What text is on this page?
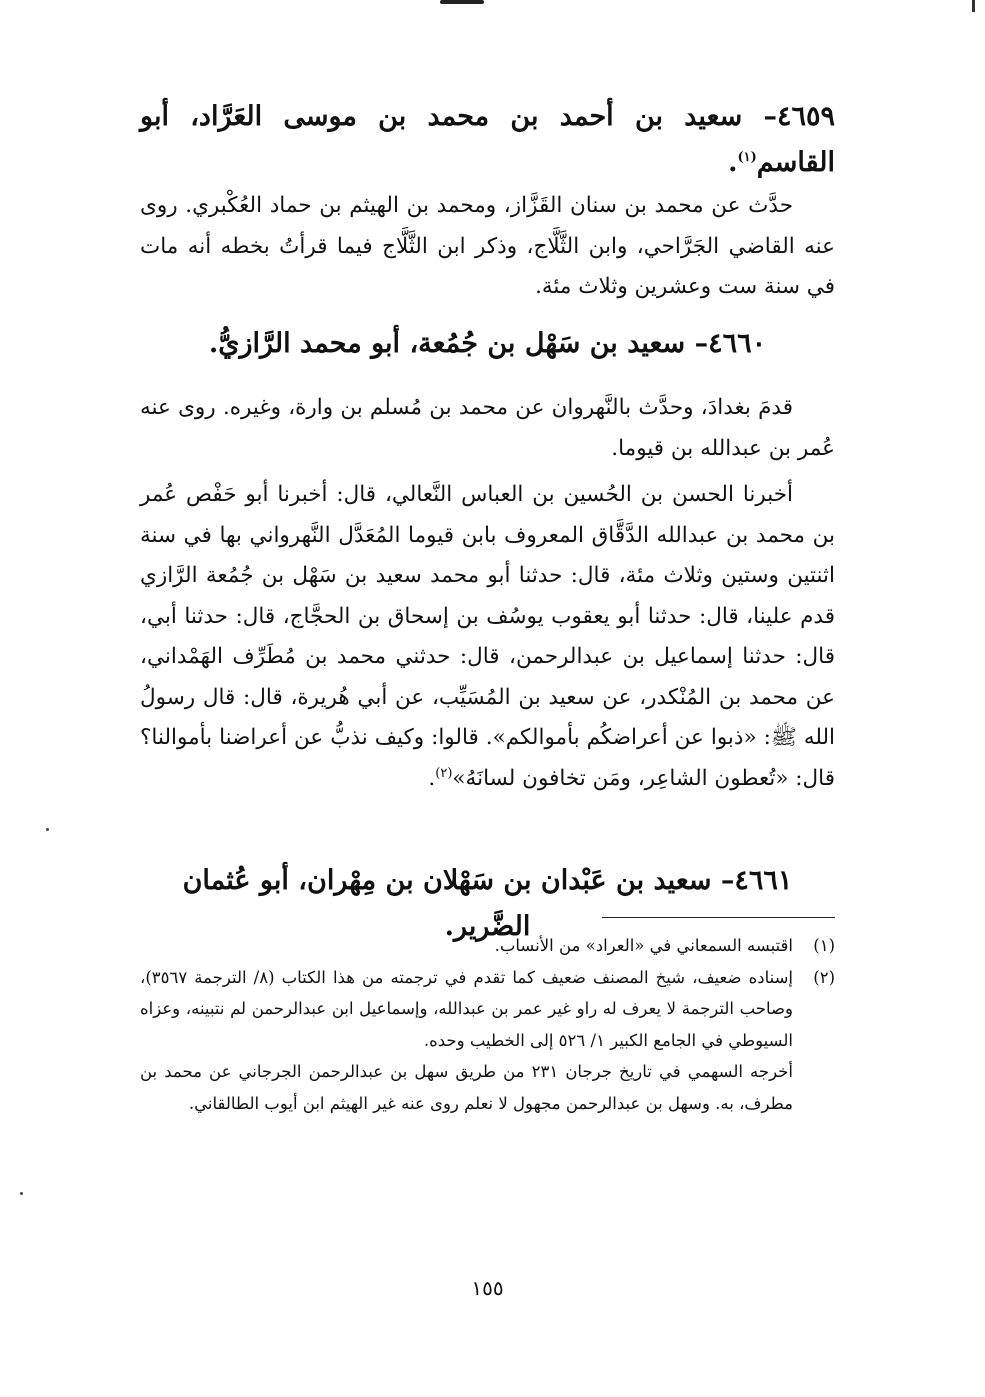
٤٦٥٩– سعيد بن أحمد بن محمد بن موسى العَرَّاد، أبو القاسم$^{(١)}$.

حدَّث عن محمد بن سنان القَزَّاز، ومحمد بن الهيثم بن حماد العُكْبري. روى عنه القاضي الجَرَّاحي، وابن الثَّلَّاج، وذكر ابن الثَّلَّاج فيما قرأتُ بخطه أنه مات في سنة ست وعشرين وثلاث مئة.

٤٦٦٠– سعيد بن سَهْل بن جُمُعة، أبو محمد الرَّازيُّ.

قدمَ بغدادَ، وحدَّث بالنَّهروان عن محمد بن مُسلم بن وارة، وغيره. روى عنه عُمر بن عبدالله بن قيوما.

أخبرنا الحسن بن الحُسين بن العباس النَّعالي، قال: أخبرنا أبو حَفْص عُمر بن محمد بن عبدالله الدَّقَّاق المعروف بابن قيوما المُعَدَّل النَّهرواني بها في سنة اثنتين وستين وثلاث مئة، قال: حدثنا أبو محمد سعيد بن سَهْل بن جُمُعة الرَّازي قدم علينا، قال: حدثنا أبو يعقوب يوسُف بن إسحاق بن الحجَّاج، قال: حدثنا أبي، قال: حدثنا إسماعيل بن عبدالرحمن، قال: حدثني محمد بن مُطَرِّف الهَمْداني، عن محمد بن المُنْكدر، عن سعيد بن المُسَيِّب، عن أبي هُريرة، قال: قال رسولُ الله ﷺ: «ذبوا عن أعراضكُم بأموالكم». قالوا: وكيف نذبُّ عن أعراضنا بأموالنا؟ قال: «تُعطون الشاعِر، ومَن تخافون لسانَهُ»$^{(٢)}$.

٤٦٦١– سعيد بن عَبْدان بن سَهْلان بن مِهْران، أبو عُثمان الضَّرير.
(١)
اقتبسه السمعاني في «العراد» من الأنساب.
(٢)
إسناده ضعيف، شيخ المصنف ضعيف كما تقدم في ترجمته من هذا الكتاب (٨/ الترجمة ٣٥٦٧)، وصاحب الترجمة لا يعرف له راو غير عمر بن عبدالله، وإسماعيل ابن عبدالرحمن لم نتبينه، وعزاه السيوطي في الجامع الكبير ١/ ٥٢٦ إلى الخطيب وحده.
أخرجه السهمي في تاريخ جرجان ٢٣١ من طريق سهل بن عبدالرحمن الجرجاني عن محمد بن مطرف، به. وسهل بن عبدالرحمن مجهول لا نعلم روى عنه غير الهيثم ابن أيوب الطالقاني.
١٥٥
